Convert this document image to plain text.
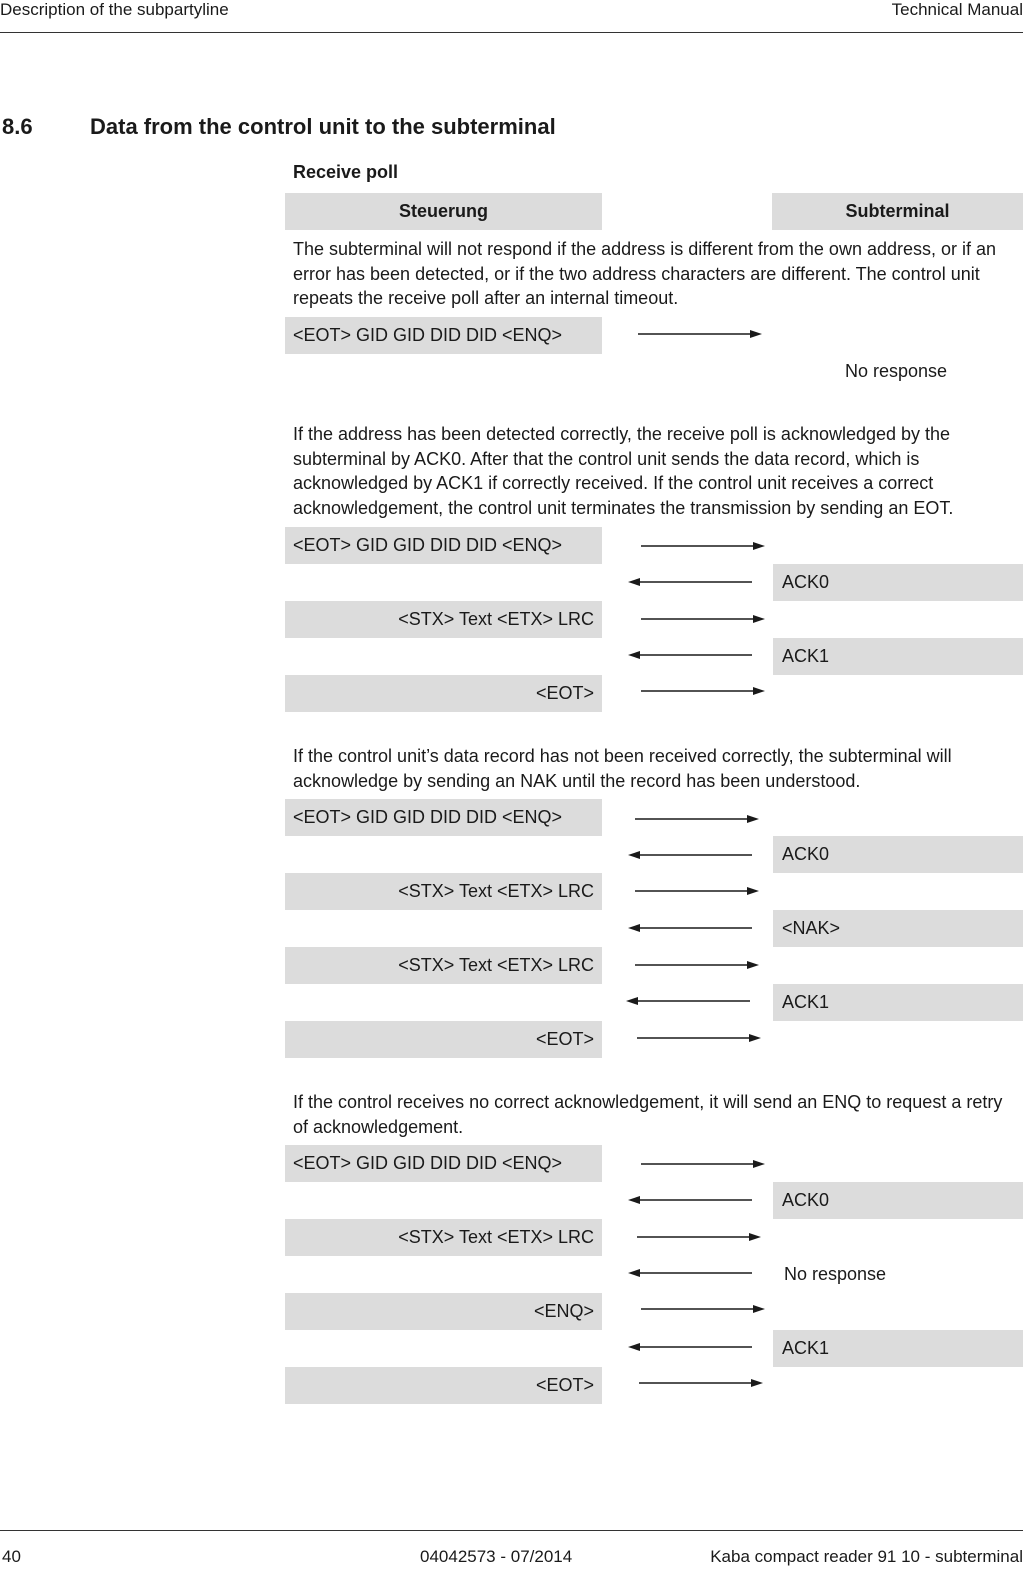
Description of the subpartyline	Technical Manual
8.6	Data from the control unit to the subterminal
Receive poll
Steuerung	Subterminal
The subterminal will not respond if the address is different from the own address, or if an error has been detected, or if the two address characters are different. The control unit repeats the receive poll after an internal timeout.
<EOT> GID GID DID DID <ENQ>
No response
If the address has been detected correctly, the receive poll is acknowledged by the subterminal by ACK0. After that the control unit sends the data record, which is acknowledged by ACK1 if correctly received. If the control unit receives a correct acknowledgement, the control unit terminates the transmission by sending an EOT.
<EOT> GID GID DID DID <ENQ>
ACK0
<STX> Text <ETX> LRC
ACK1
<EOT>
If the control unit’s data record has not been received correctly, the subterminal will acknowledge by sending an NAK until the record has been understood.
<EOT> GID GID DID DID <ENQ>
ACK0
<STX> Text <ETX> LRC
<NAK>
<STX> Text <ETX> LRC
ACK1
<EOT>
If the control receives no correct acknowledgement, it will send an ENQ to request a retry of acknowledgement.
<EOT> GID GID DID DID <ENQ>
ACK0
<STX> Text <ETX> LRC
No response
<ENQ>
ACK1
<EOT>
40	04042573 - 07/2014	Kaba compact reader 91 10 - subterminal
